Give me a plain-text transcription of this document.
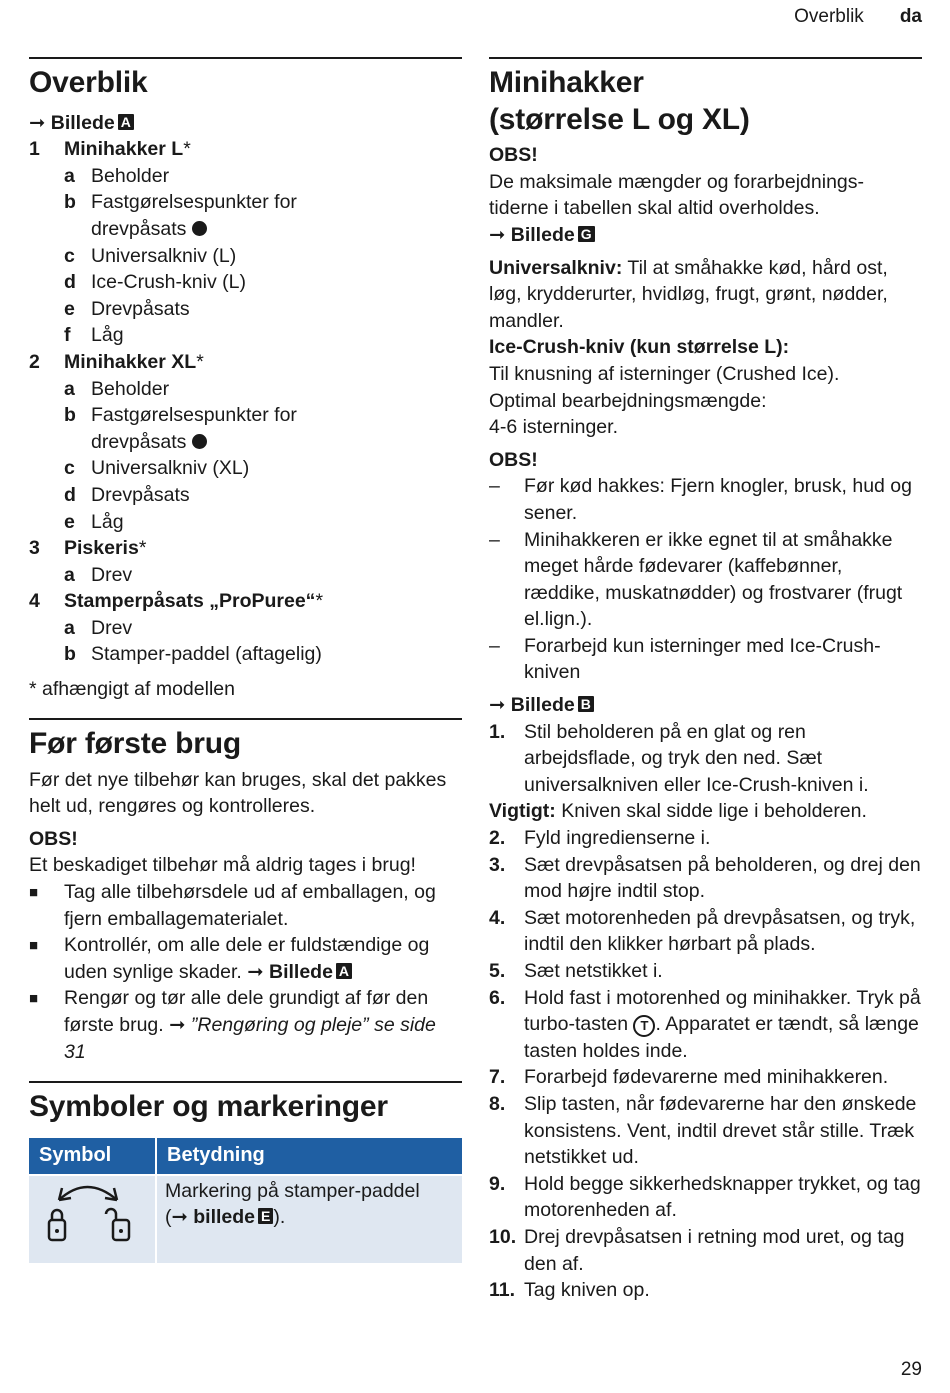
Overblik da
Overblik
➞ Billede A
1	Minihakker L *
a Beholder
b Fastgørelsespunkter for
drevpåsats
c Universalkniv (L)
d Ice-Crush-kniv (L)
e Drevpåsats
f	Låg
2	Minihakker XL *
a Beholder
b Fastgørelsespunkter for
drevpåsats
c Universalkniv (XL)
d Drevpåsats
e Låg
3	Piskeris *
a Drev
4	Stamperpåsats „ProPuree“ *
a Drev
b Stamper-paddel (aftagelig)
* afhængigt af modellen
Før første brug

Før det nye tilbehør kan bruges, skal det pakkes helt ud, rengøres og kontrolleres.

OBS!

Et beskadiget tilbehør må aldrig tages i brug!

■	Tag alle tilbehørsdele ud af emballagen, og fjern emballagematerialet.
■	Kontrollér, om alle dele er fuldstændige og uden synlige skader. ➞ Billede A
■	Rengør og tør alle dele grundigt af før den første brug. ➞ ”Rengøring og pleje” se side 31
Symboler og markeringer
Symbol	Betydning
	Markering på stamper-paddel
(➞ billede E ).
Minihakker
(størrelse L og XL)
OBS!

De maksimale mængder og forarbejdnings-tiderne i tabellen skal altid overholdes.

➞ Billede G

Universalkniv: Til at småhakke kød, hård ost, løg, krydderurter, hvidløg, frugt, grønt, nødder, mandler.

Ice-Crush-kniv (kun størrelse L):

Til knusning af isterninger (Crushed Ice).
Optimal bearbejdningsmængde:
4-6 isterninger.

OBS!
–	Før kød hakkes: Fjern knogler, brusk, hud og sener.
–	Minihakkeren er ikke egnet til at småhakke meget hårde fødevarer (kaffebønner, ræddike, muskatnødder) og frostvarer (frugt el.lign.).
–	Forarbejd kun isterninger med Ice-Crush-kniven
➞ Billede B
1. Stil beholderen på en glat og ren arbejdsflade, og tryk den ned. Sæt universalkniven eller Ice-Crush-kniven i.

Vigtigt: Kniven skal sidde lige i beholderen.

2. Fyld ingredienserne i.
3. Sæt drevpåsatsen på beholderen, og drej den mod højre indtil stop.
4. Sæt motorenheden på drevpåsatsen, og tryk, indtil den klikker hørbart på plads.
5. Sæt netstikket i.
6. Hold fast i motorenhed og minihakker. Tryk på turbo-tasten T . Apparatet er tændt, så længe tasten holdes inde.
7. Forarbejd fødevarerne med minihakkeren.
8. Slip tasten, når fødevarerne har den ønskede konsistens. Vent, indtil drevet står stille. Træk netstikket ud.
9. Hold begge sikkerhedsknapper trykket, og tag motorenheden af.
10. Drej drevpåsatsen i retning mod uret, og tag den af.
11. Tag kniven op.
29
